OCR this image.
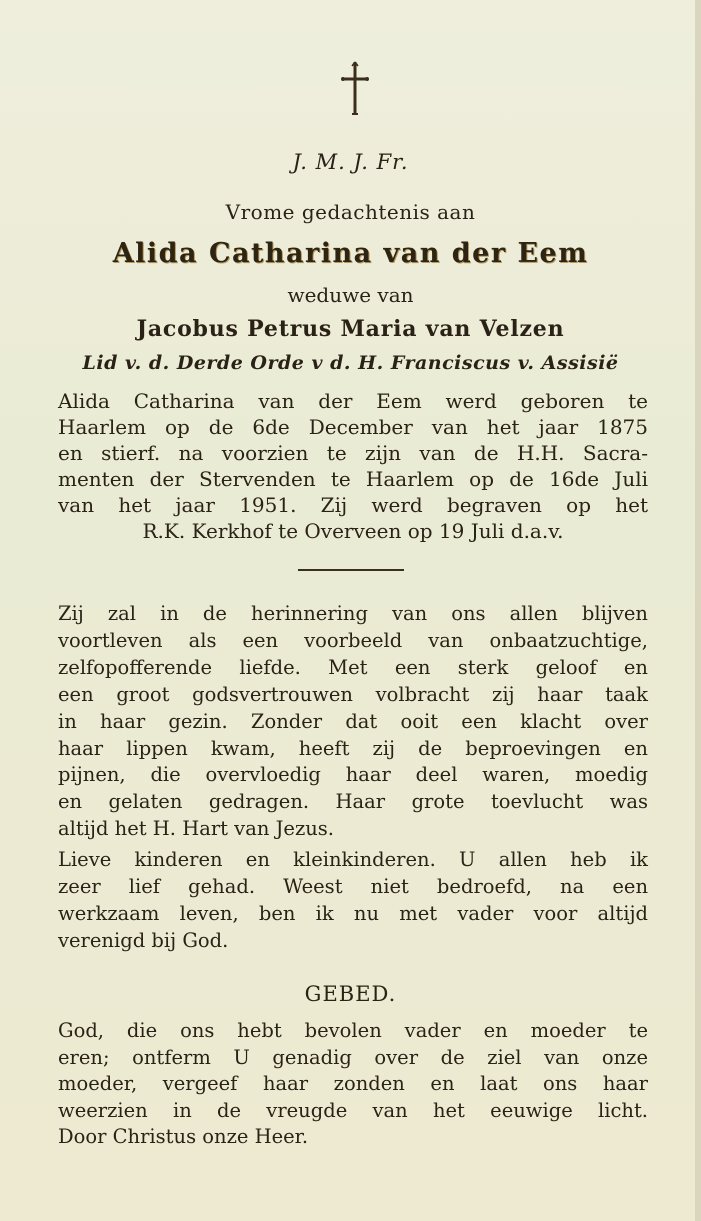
J. M. J. Fr.
Vrome gedachtenis aan
Alida Catharina van der Eem
weduwe van
Jacobus Petrus Maria van Velzen
Lid v. d. Derde Orde v d. H. Franciscus v. Assisië
Alida Catharina van der Eem werd geboren te
Haarlem op de 6de December van het jaar 1875
en stierf. na voorzien te zijn van de H.H. Sacra-
menten der Stervenden te Haarlem op de 16de Juli
van het jaar 1951. Zij werd begraven op het
R.K. Kerkhof te Overveen op 19 Juli d.a.v.
Zij zal in de herinnering van ons allen blijven
voortleven als een voorbeeld van onbaatzuchtige,
zelfopofferende liefde. Met een sterk geloof en
een groot godsvertrouwen volbracht zij haar taak
in haar gezin. Zonder dat ooit een klacht over
haar lippen kwam, heeft zij de beproevingen en
pijnen, die overvloedig haar deel waren, moedig
en gelaten gedragen. Haar grote toevlucht was
altijd het H. Hart van Jezus.
Lieve kinderen en kleinkinderen. U allen heb ik
zeer lief gehad. Weest niet bedroefd, na een
werkzaam leven, ben ik nu met vader voor altijd
verenigd bij God.
GEBED.
God, die ons hebt bevolen vader en moeder te
eren; ontferm U genadig over de ziel van onze
moeder, vergeef haar zonden en laat ons haar
weerzien in de vreugde van het eeuwige licht.
Door Christus onze Heer.
